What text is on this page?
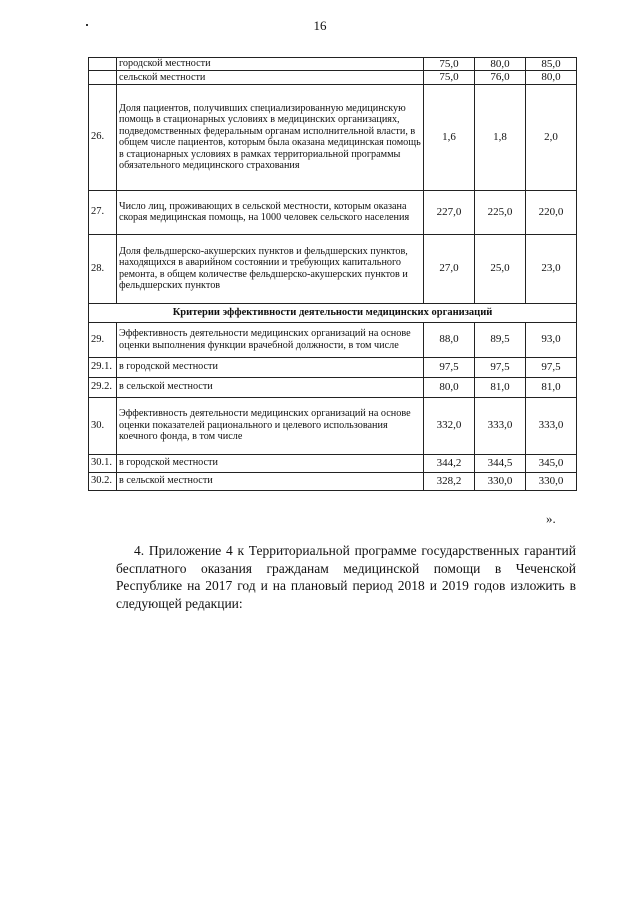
16
	городской местности	75,0	80,0	85,0
	сельской местности	75,0	76,0	80,0
26.	Доля пациентов, получивших специализированную медицинскую помощь в стационарных условиях в медицинских организациях, подведомственных федеральным органам исполнительной власти, в общем числе пациентов, которым была оказана медицинская помощь в стационарных условиях в рамках территориальной программы обязательного медицинского страхования	1,6	1,8	2,0
27.	Число лиц, проживающих в сельской местности, которым оказана скорая медицинская помощь, на 1000 человек сельского населения	227,0	225,0	220,0
28.	Доля фельдшерско-акушерских пунктов и фельдшерских пунктов, находящихся в аварийном состоянии и требующих капитального ремонта, в общем количестве фельдшерско-акушерских пунктов и фельдшерских пунктов	27,0	25,0	23,0
Критерии эффективности деятельности медицинских организаций				
29.	Эффективность деятельности медицинских организаций на основе оценки выполнения функции врачебной должности, в том числе	88,0	89,5	93,0
29.1.	в городской местности	97,5	97,5	97,5
29.2.	в сельской местности	80,0	81,0	81,0
30.	Эффективность деятельности медицинских организаций на основе оценки показателей рационального и целевого использования коечного фонда, в том числе	332,0	333,0	333,0
30.1.	в городской местности	344,2	344,5	345,0
30.2.	в сельской местности	328,2	330,0	330,0
».
4. Приложение 4 к Территориальной программе государственных гарантий бесплатного оказания гражданам медицинской помощи в Чеченской Республике на 2017 год и на плановый период 2018 и 2019 годов изложить в следующей редакции:
